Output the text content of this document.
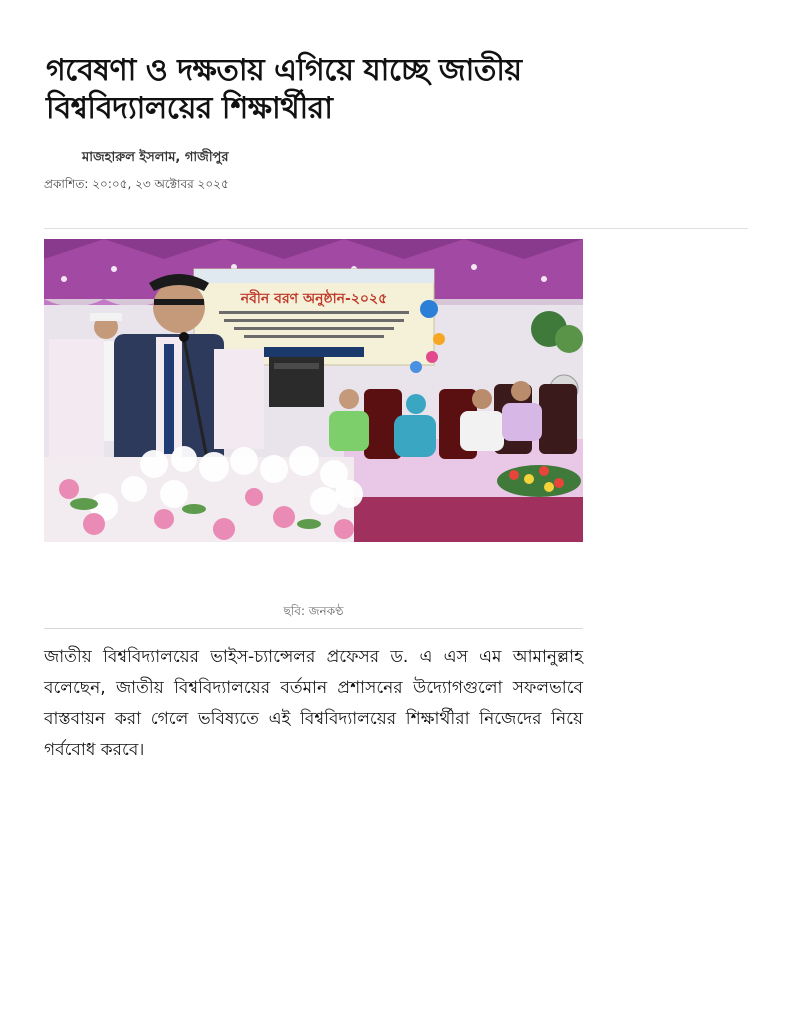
গবেষণা ও দক্ষতায় এগিয়ে যাচ্ছে জাতীয় বিশ্ববিদ্যালয়ের শিক্ষার্থীরা
মাজহারুল ইসলাম, গাজীপুর
প্রকাশিত: ২০:০৫, ২৩ অক্টোবর ২০২৫
নবীন বরণ অনুষ্ঠান-২০২৫
ছবি: জনকণ্ঠ

জাতীয় বিশ্ববিদ্যালয়ের ভাইস-চ্যান্সেলর প্রফেসর ড. এ এস এম আমানুল্লাহ বলেছেন, জাতীয় বিশ্ববিদ্যালয়ের বর্তমান প্রশাসনের উদ্যোগগুলো সফলভাবে বাস্তবায়ন করা গেলে ভবিষ্যতে এই বিশ্ববিদ্যালয়ের শিক্ষার্থীরা নিজেদের নিয়ে গর্ববোধ করবে।
